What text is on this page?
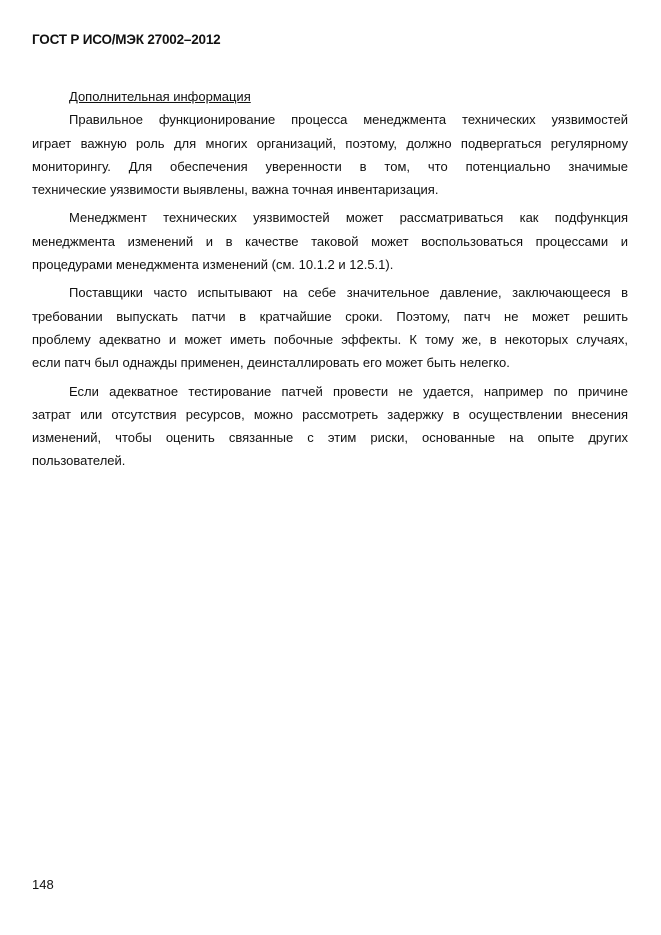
ГОСТ Р ИСО/МЭК 27002–2012
Дополнительная информация
Правильное функционирование процесса менеджмента технических уязвимостей
играет важную роль для многих организаций, поэтому, должно подвергаться регулярному
мониторингу. Для обеспечения уверенности в том, что потенциально значимые
технические уязвимости выявлены, важна точная инвентаризация.
Менеджмент технических уязвимостей может рассматриваться как подфункция
менеджмента изменений и в качестве таковой может воспользоваться процессами и
процедурами менеджмента изменений (см. 10.1.2 и 12.5.1).
Поставщики часто испытывают на себе значительное давление, заключающееся в
требовании выпускать патчи в кратчайшие сроки. Поэтому, патч не может решить
проблему адекватно и может иметь побочные эффекты. К тому же, в некоторых случаях,
если патч был однажды применен, деинсталлировать его может быть нелегко.
Если адекватное тестирование патчей провести не удается, например по причине
затрат или отсутствия ресурсов, можно рассмотреть задержку в осуществлении внесения
изменений, чтобы оценить связанные с этим риски, основанные на опыте других
пользователей.
148
